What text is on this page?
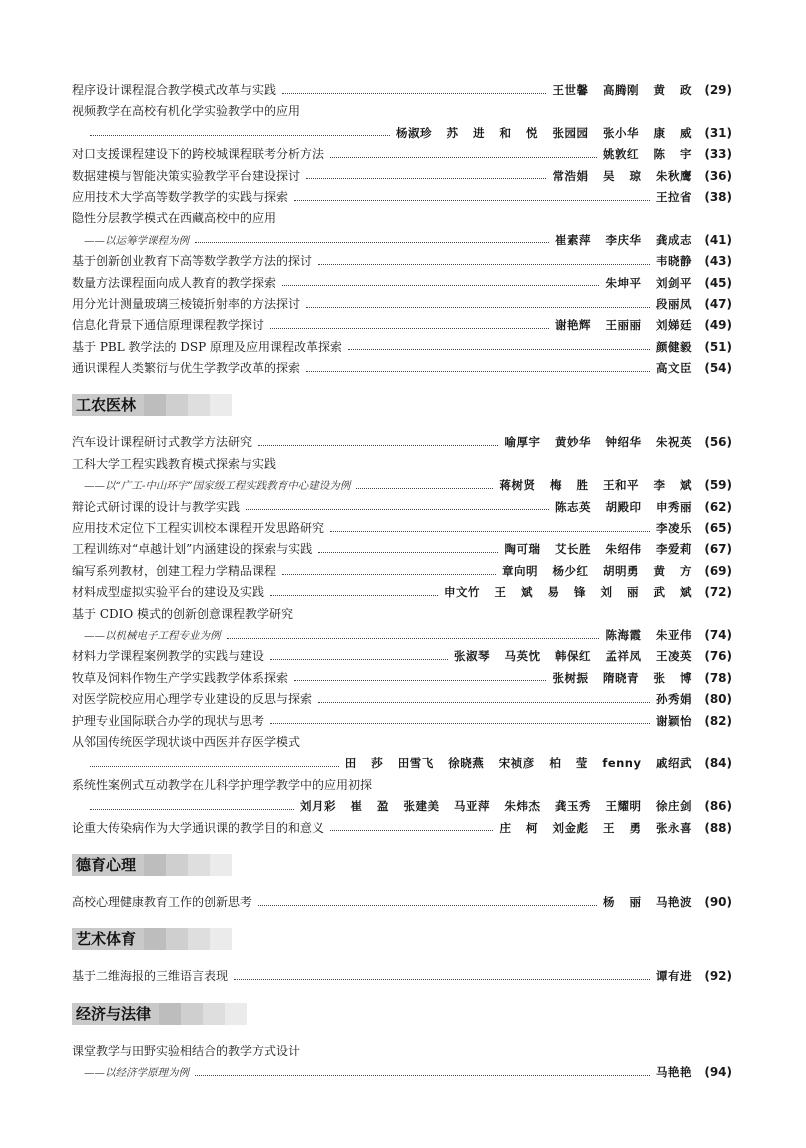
程序设计课程混合教学模式改革与实践	王世馨 高腾刚 黄 政	(29)
视频教学在高校有机化学实验教学中的应用
杨淑珍 苏 进 和 悦 张园园 张小华 康 威	(31)
对口支援课程建设下的跨校城课程联考分析方法	姚敦红 陈 宇	(33)
数据建模与智能决策实验教学平台建设探讨	常浩娟 吴 琼 朱秋鹰	(36)
应用技术大学高等数学教学的实践与探索	王拉省	(38)
隐性分层教学模式在西藏高校中的应用
——以运筹学课程为例	崔素萍 李庆华 龚成志	(41)
基于创新创业教育下高等数学教学方法的探讨	韦晓静	(43)
数量方法课程面向成人教育的教学探索	朱坤平 刘剑平	(45)
用分光计测量玻璃三棱镜折射率的方法探讨	段丽凤	(47)
信息化背景下通信原理课程教学探讨	谢艳辉 王丽丽 刘娣廷	(49)
基于 PBL 教学法的 DSP 原理及应用课程改革探索	颜健毅	(51)
通识课程人类繁衍与优生学教学改革的探索	高文臣	(54)
工农医林
汽车设计课程研讨式教学方法研究	喻厚宇 黄妙华 钟绍华 朱祝英	(56)
工科大学工程实践教育模式探索与实践
——以“广工-中山环宇”国家级工程实践教育中心建设为例	蒋树贤 梅 胜 王和平 李 斌	(59)
辩论式研讨课的设计与教学实践	陈志英 胡殿印 申秀丽	(62)
应用技术定位下工程实训校本课程开发思路研究	李凌乐	(65)
工程训练对“卓越计划”内涵建设的探索与实践	陶可瑞 艾长胜 朱绍伟 李爱莉	(67)
编写系列教材，创建工程力学精品课程	章向明 杨少红 胡明勇 黄 方	(69)
材料成型虚拟实验平台的建设及实践	申文竹 王 斌 易 锋 刘 丽 武 斌	(72)
基于 CDIO 模式的创新创意课程教学研究
——以机械电子工程专业为例	陈海霞 朱亚伟	(74)
材料力学课程案例教学的实践与建设	张淑琴 马英忱 韩保红 孟祥凤 王凌英	(76)
牧草及饲料作物生产学实践教学体系探索	张树振 隋晓青 张 博	(78)
对医学院校应用心理学专业建设的反思与探索	孙秀娟	(80)
护理专业国际联合办学的现状与思考	谢颖怡	(82)
从邻国传统医学现状谈中西医并存医学模式
田 莎 田雪飞 徐晓燕 宋祯彦 柏 莹 fenny 戚绍武	(84)
系统性案例式互动教学在儿科学护理学教学中的应用初探
刘月彩 崔 盈 张建美 马亚萍 朱炜杰 龚玉秀 王耀明 徐庄剑	(86)
论重大传染病作为大学通识课的教学目的和意义	庄 柯 刘金彪 王 勇 张永喜	(88)
德育心理
高校心理健康教育工作的创新思考	杨 丽 马艳波	(90)
艺术体育
基于二维海报的三维语言表现	谭有进	(92)
经济与法律
课堂教学与田野实验相结合的教学方式设计
——以经济学原理为例	马艳艳	(94)
